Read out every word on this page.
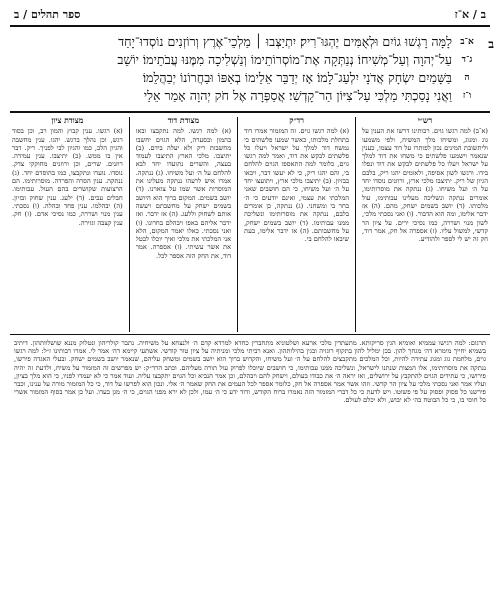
ספר תהלים / ב	ב / א־ז
ב
א־ב
לָמָּה רָגְשׁוּ גוֹיִם וּלְאֻמִּים יֶהְגּוּ־רִיק׃ יִתְיַצְּבוּ ׀ מַלְכֵי־אֶרֶץ וְרוֹזְנִים נוֹסְדוּ־יָחַד
ג־ד
עַל־יְהוָה וְעַל־מְשִׁיחוֹ׃ נְנַתְּקָה אֶת־מוֹסְרוֹתֵימוֹ וְנַשְׁלִיכָה מִמֶּנּוּ עֲבֹתֵימוֹ׃ יוֹשֵׁב
ה
בַּשָּׁמַיִם יִשְׂחָק אֲדֹנָי יִלְעַג־לָמוֹ׃ אָז יְדַבֵּר אֵלֵימוֹ בְאַפּוֹ וּבַחֲרוֹנוֹ יְבַהֲלֵמוֹ׃
ו־ז
וַאֲנִי נָסַכְתִּי מַלְכִּי עַל־צִיּוֹן הַר־קָדְשִׁי׃ אֲסַפְּרָה אֶל חֹק יְהוָה אָמַר אֵלַי
רש״י
(א־ב) למה רגשו גוים. רבותינו דרשו את הענין על גוג ומגוג, ומשיחו מלך המשיח, ולפי משמעו וליתשובת המינים נכון לפותרו על דוד עצמו, כענין שנאמר וישמעו פלשתים כי משחו את דוד למלך על ישראל ויעלו כל פלשתים לבקש את דוד ונפלו בידו. ורגשו לשון אסיפה, ולאומים יהגו ריק, בלבם הגיון של ריק. יתיצבו מלכי ארץ, ורוזנים נוסדו יחד על ה׳ ועל משיחו. (ג) ננתקה את מוסרותימו, אומרים ננתקה ונשליכה מעלינו עבותימו, עול מלכותו. (ד) יושב בשמים ישחק, מהם. (ה) אז ידבר אלימו, ומה הוא הדבור. (ו) ואני נסכתי מלכי, לשון מנוי ושררה, כמו נסיכי ירים. על ציון הר קדשי, למשול עליו. (ז) אספרה אל חק, אמר דוד, חק זה יש לי לספר ולהודיע.
רד״ק
(א) למה רגשו גוים. זה המזמור אמרו דוד בתחלת מלכותו, כאשר שמעו פלשתים כי נמשח דוד למלך על ישראל ויעלו כל פלשתים לבקש את דוד, ואמר למה רגשו גוים, כלומר למה התאספו הגוים להלחם בי, והם יהגו ריק, כי לא יעשו דבר, ויבאו בבזיון. (ב) יתיצבו מלכי ארץ, ויתועצו יחד על ה׳ ועל משיחו, כי הם חושבים שאני המלכתי את עצמי, ואינם יודעים כי ה׳ בחר בי ומשחני. (ג) ננתקה, כן אומרים בלבם, ננתקה את מוסרותימו ונשליכה ממנו עבותימו. (ד) יושב בשמים ישחק, על מחשבותם. (ה) אז ידבר אלימו, בעת שיבאו להלחם בי.
מצודת דוד
(א) למה רגשו. למה נתקבצו ובאו בהמון ובסערה, הלא הגוים יחשבו מחשבות ריק ולא יעלה בידם. (ב) יתיצבו. מלכי הארץ התיצבו לעמוד בעצה, והשרים נתועדו יחד לבא להלחם על ה׳ ועל משיחו. (ג) ננתקה. אמרו איש לרעהו ננתקה מעלינו את המוסרות אשר שמו על צוארנו. (ד) יושב בשמים. המקום ברוך הוא היושב בשמים ישחק על מחשבתם ויעשה אותם לשחוק וללעג. (ה) אז ידבר. ואז ידבר אליהם באפו ויבהלם בחרונו. (ו) ואני נסכתי. כאלו יאמר המקום, הלא אני המלכתי את מלכי ואיך יוכלו לבטל את אשר עשיתי. (ז) אספרה. אמר דוד, את החק הזה אספר לכל.
מצודת ציון
(א) רגשו. ענין קבוץ והמון רב, וכן בסוד רגש, וכן נהלך ברגש. יהגו. ענין מחשבה והגיון הלב, כמו והגיון לבי לפניך. ריק. דבר אין בו ממש. (ב) יתיצבו. ענין עמידה. רוזנים. שרים, וכן ורוזנים מחוקקי צדק. נוסדו. נועדו ונתקבצו, כמו בהוסדם יחד. (ג) ננתקה. ענין הסרה והפרדה. מוסרותימו. הם הרצועות שקושרים בהם העול. עבותימו. חבלים עבים. (ד) ילעג. ענין שחוק ובזיון. (ה) יבהלמו. ענין פחד ובהלה. (ו) נסכתי. ענין מנוי ושררה, כמו נסיכי אדם. (ז) חק. ענין קצבה וגזירה.
תרגום: למה רגישו עממיא ואומיא הגין סריקותא. מתעתדין מלכי ארעא ושלטוניא מתחברין כחדא למרדא קדם ה׳ ולנצחא על משיחיה. נתבר קולריהון ונטלוק מננא שושלוותהון. דיתיב בשמיא יחייך מימרא דה׳ מגחך להון. בכן ימליל להון בתקוף רוגזיה ובגין בהילותהון. ואנא רביתי מלכי ומניתיה על ציון טור קודשי. אשתעי קיימא דה׳ אמר לי. אמרו רבותינו ז״ל: למה רגשו גוים, מלחמת גוג ומגוג עתידה להיות, וכל המלכים מתקבצים להלחם על ה׳ ועל משיחו, והקדוש ברוך הוא יושב בשמים ומשחק עליהם, שנאמר יושב בשמים ישחק. ובעלי האגדה פירשו, ננתקה את מוסרותימו, אלו המצות שנתנו לישראל, ונשליכה ממנו עבותימו, כי חושבים שיוכלו לפרוק עול תורה מעליהם. וכתב הרד״ק: יש מפרשים זה המזמור על משיח, ולדעת זה יהיה פירושו, כי עתידים הגוים להתקבץ על ירושלים, ואז יראה ה׳ את כבודו בעולם, וישחק להם ויבהלם, וכן אמר הנביא וכל הגוים יתקבצו עליה. ועוד אמר כי לא יעמדו לפניו, כי הוא מלך בציון, ועליו אמר ואני נסכתי מלכי על ציון הר קדשי. וזהו אשר אמר אספרה אל חק, כלומר אספר לכל העמים את החק שאמר ה׳ אלי. ונכון הוא לפרשו על דוד, כי כל המזמור מורה על ענינו, וכבר פירשנו כל פסוק ופסוק על פי פשוטו. ויש לדעת כי כל דברי המזמור הזה נאמרו ברוח הקודש, ודוד ידע כי ה׳ עמו, ולכן לא ירא מפני הגוים, כי ה׳ מגן בעדו. ועל כן אמר בסוף המזמור אשרי כל חוסי בו, כי כל הבוטח בה׳ לא יבוש, ולא יכלם לעולם.
